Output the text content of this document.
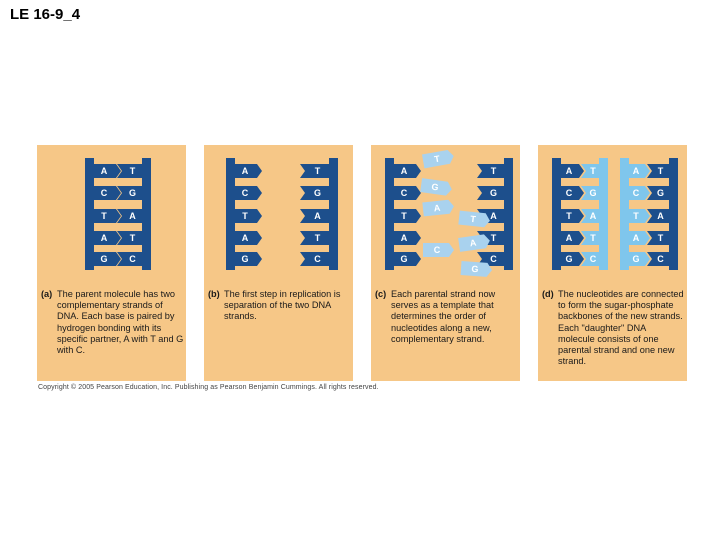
LE 16-9_4
A	T
C G
T	A
A	T
G C
(a) The parent molecule has two complementary strands of DNA. Each base is paired by hydrogen bonding with its specific partner, A with T and G with C.
A	T
C	G
T	A
A	T
G	C
(b) The first step in replication is separation of the two DNA strands.
A	T
C	G
T	A
A	T
G	C
T
G
A
C
T
A
G
(c) Each parental strand now serves as a template that determines the order of nucleotides along a new, complementary strand.
A T	A T
C G	C G
T A	T A
A T	A T
G C	G C
(d) The nucleotides are connected to form the sugar-phosphate backbones of the new strands. Each "daughter" DNA molecule consists of one parental strand and one new strand.
Copyright © 2005 Pearson Education, Inc. Publishing as Pearson Benjamin Cummings. All rights reserved.
